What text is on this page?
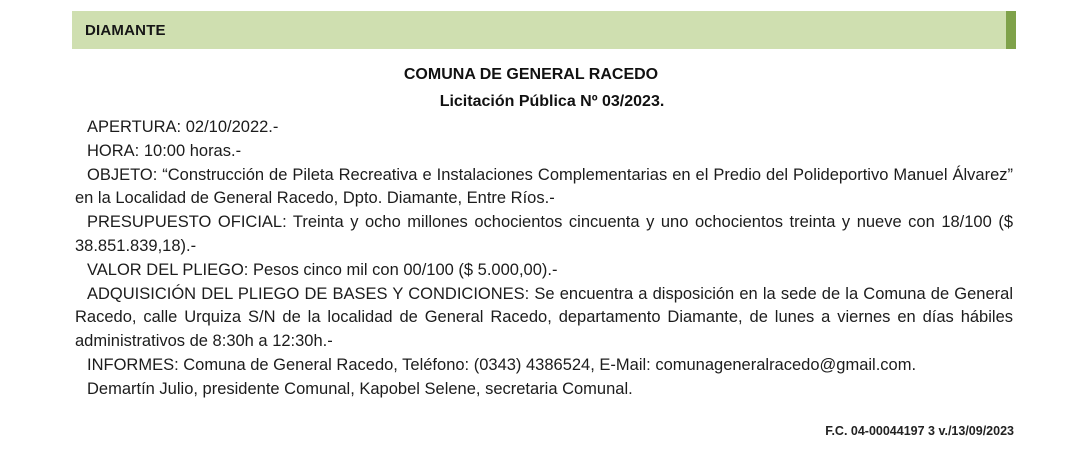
DIAMANTE
COMUNA DE GENERAL RACEDO
Licitación Pública Nº 03/2023.

APERTURA: 02/10/2022.-

HORA: 10:00 horas.-

OBJETO: “Construcción de Pileta Recreativa e Instalaciones Complementarias en el Predio del Polideportivo Manuel Álvarez” en la Localidad de General Racedo, Dpto. Diamante, Entre Ríos.-

PRESUPUESTO OFICIAL: Treinta y ocho millones ochocientos cincuenta y uno ochocientos treinta y nueve con 18/100 ($ 38.851.839,18).-

VALOR DEL PLIEGO: Pesos cinco mil con 00/100 ($ 5.000,00).-

ADQUISICIÓN DEL PLIEGO DE BASES Y CONDICIONES: Se encuentra a disposición en la sede de la Comuna de General Racedo, calle Urquiza S/N de la localidad de General Racedo, departamento Diamante, de lunes a viernes en días hábiles administrativos de 8:30h a 12:30h.-

INFORMES: Comuna de General Racedo, Teléfono: (0343) 4386524, E-Mail: comunageneralracedo@gmail.com.

Demartín Julio, presidente Comunal, Kapobel Selene, secretaria Comunal.

F.C. 04-00044197 3 v./13/09/2023
